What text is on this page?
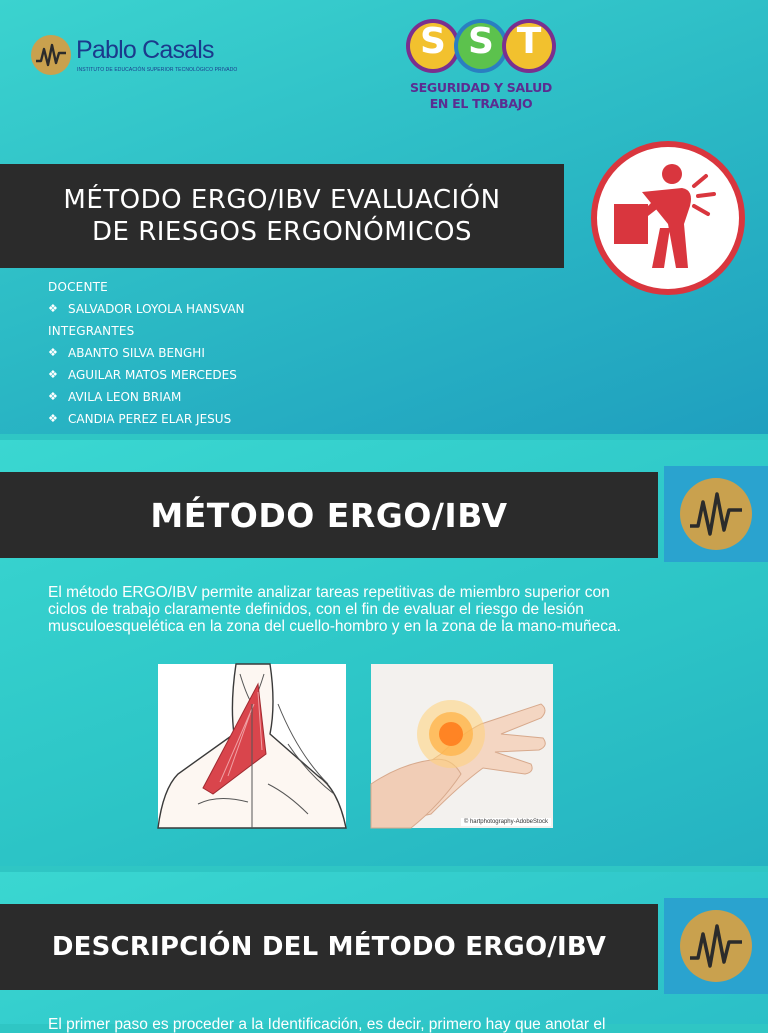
Pablo Casals
INSTITUTO DE EDUCACIÓN SUPERIOR TECNOLÓGICO PRIVADO
S S T
SEGURIDAD Y SALUD
EN EL TRABAJO
MÉTODO ERGO/IBV EVALUACIÓN
DE RIESGOS ERGONÓMICOS
DOCENTE
❖ SALVADOR LOYOLA HANSVAN
INTEGRANTES
❖ ABANTO SILVA BENGHI
❖ AGUILAR MATOS MERCEDES
❖ AVILA LEON BRIAM
❖ CANDIA PEREZ ELAR JESUS
MÉTODO ERGO/IBV
El método ERGO/IBV permite analizar tareas repetitivas de miembro superior con ciclos de trabajo claramente definidos, con el fin de evaluar el riesgo de lesión musculoesquelética en la zona del cuello-hombro y en la zona de la mano-muñeca.
© hartphotography-AdobeStock
DESCRIPCIÓN DEL MÉTODO ERGO/IBV
El primer paso es proceder a la Identificación, es decir, primero hay que anotar el
